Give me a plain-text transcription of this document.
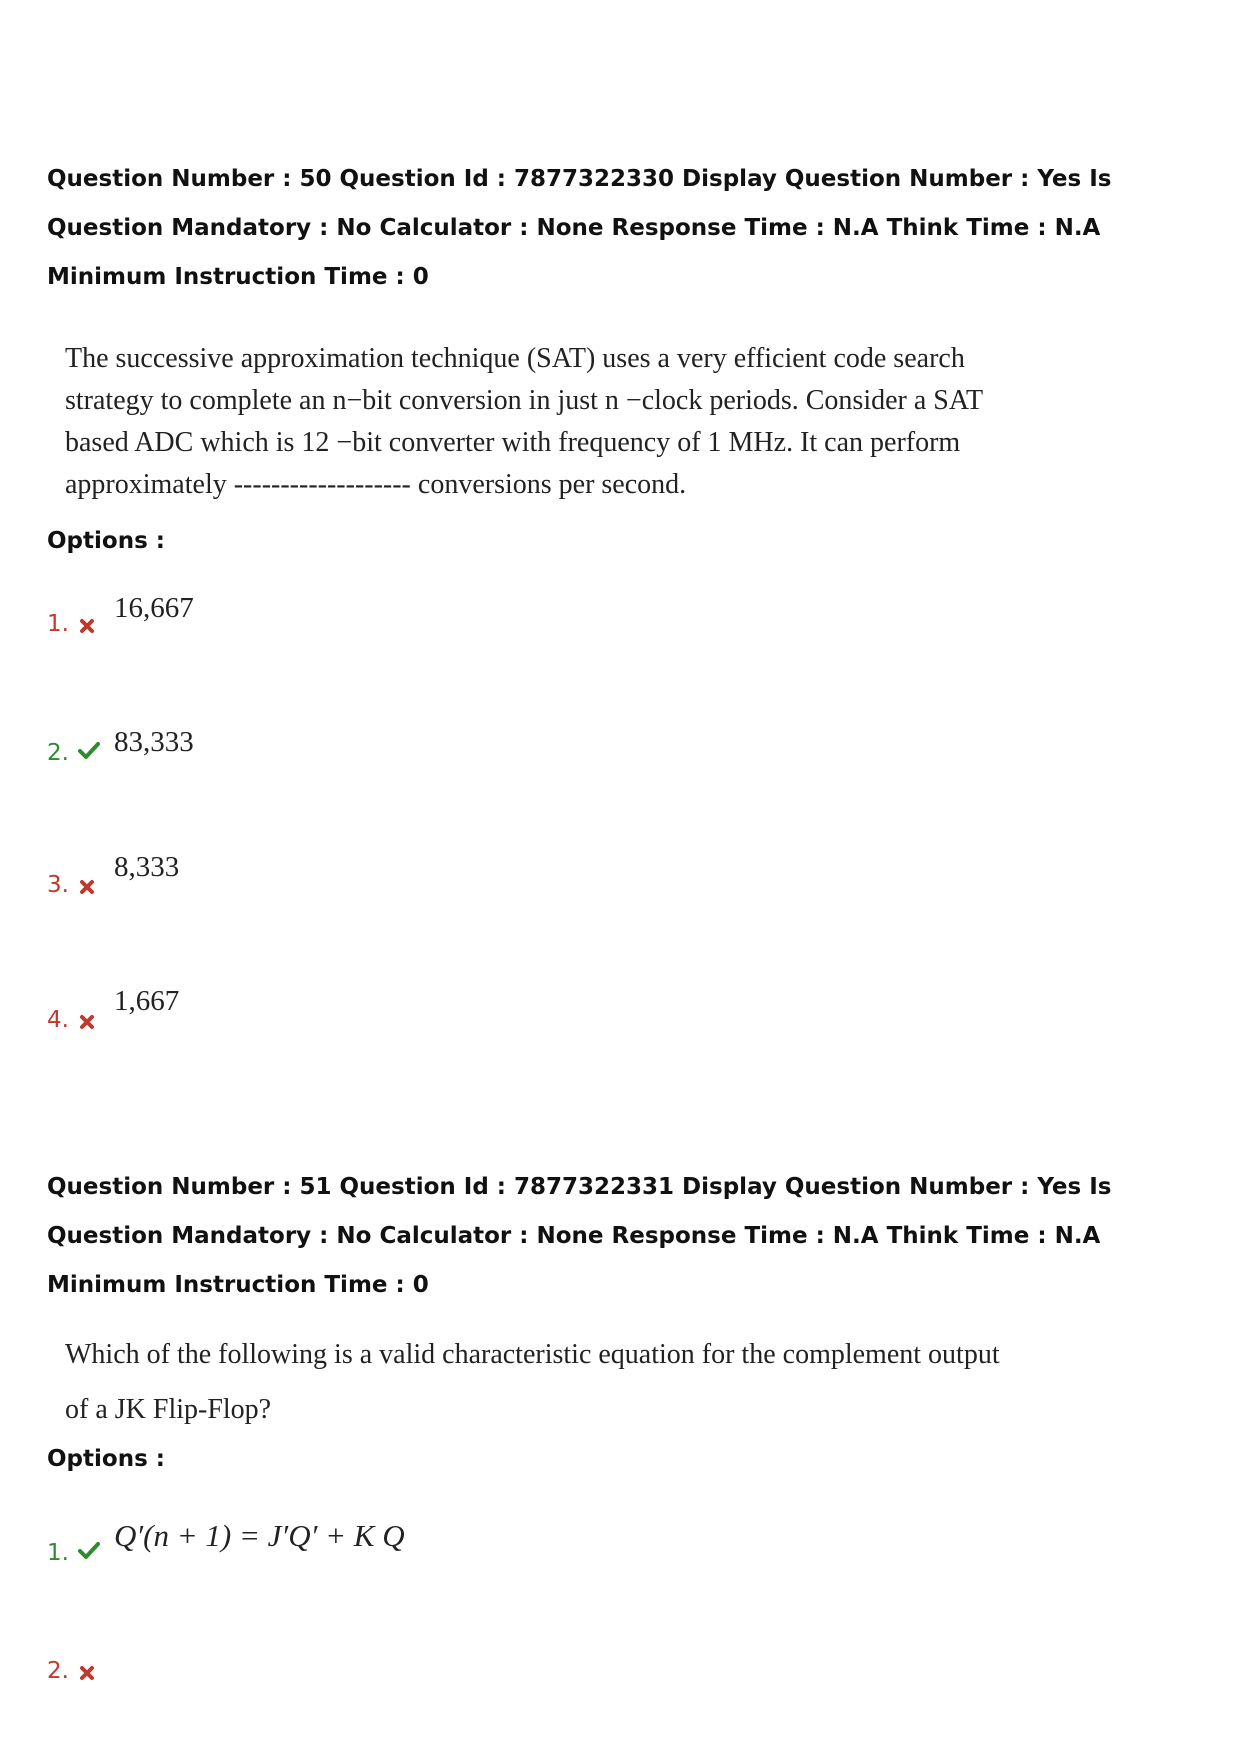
Question Number : 50 Question Id : 7877322330 Display Question Number : Yes Is Question Mandatory : No Calculator : None Response Time : N.A Think Time : N.A Minimum Instruction Time : 0

The successive approximation technique (SAT) uses a very efficient code search

strategy to complete an n−bit conversion in just n −clock periods. Consider a SAT

based ADC which is 12 −bit converter with frequency of 1 MHz. It can perform

approximately ------------------- conversions per second.

Options :
1. 16,667
2. 83,333
3.
8,333
4.
1,667
Question Number : 51 Question Id : 7877322331 Display Question Number : Yes Is Question Mandatory : No Calculator : None Response Time : N.A Think Time : N.A Minimum Instruction Time : 0

Which of the following is a valid characteristic equation for the complement output

of a JK Flip-Flop?

Options :
1. Q′(n + 1) = J′Q′ + K Q
2.
